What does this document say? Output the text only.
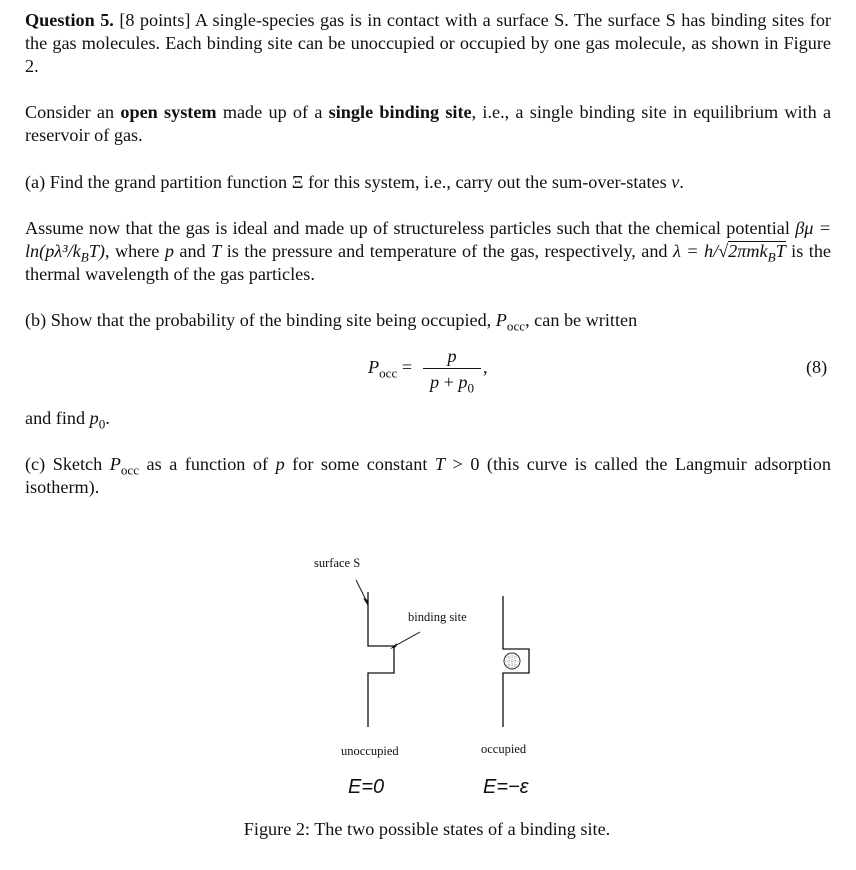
Question 5. [8 points] A single-species gas is in contact with a surface S. The surface S has binding sites for the gas molecules. Each binding site can be unoccupied or occupied by one gas molecule, as shown in Figure 2.
Consider an open system made up of a single binding site, i.e., a single binding site in equilibrium with a reservoir of gas.
(a) Find the grand partition function Ξ for this system, i.e., carry out the sum-over-states ν.
Assume now that the gas is ideal and made up of structureless particles such that the chemical potential $\beta\mu = \ln(p\lambda^3/k_BT)$, where p and T is the pressure and temperature of the gas, respectively, and λ = h/√2πmk$_B$T is the thermal wavelength of the gas particles.
(b) Show that the probability of the binding site being occupied, $P_{occ}$, can be written
$P_{occ}$ =
p
$p + p_0$
,	(8)
and find $p_0$.
(c) Sketch $P_{occ}$ as a function of p for some constant T > 0 (this curve is called the Langmuir adsorption isotherm).
surface S
binding site
unoccupied	occupied
E=0	E=−ε
Figure 2: The two possible states of a binding site.
